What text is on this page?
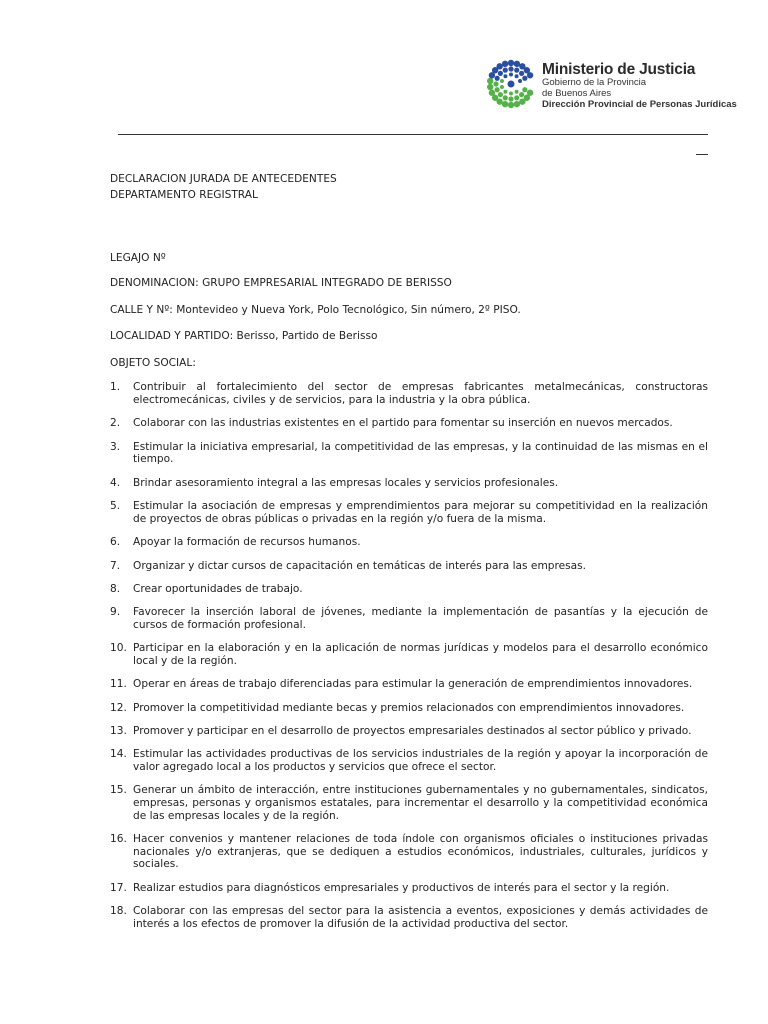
Ministerio de Justicia
Gobierno de la Provincia
de Buenos Aires
Dirección Provincial de Personas Jurídicas

DECLARACION JURADA DE ANTECEDENTES

DEPARTAMENTO REGISTRAL

LEGAJO Nº

DENOMINACION: GRUPO EMPRESARIAL INTEGRADO DE BERISSO

CALLE Y Nº: Montevideo y Nueva York, Polo Tecnológico, Sin número, 2º PISO.

LOCALIDAD Y PARTIDO: Berisso, Partido de Berisso

OBJETO SOCIAL:

1.	Contribuir al fortalecimiento del sector de empresas fabricantes metalmecánicas, constructoras electromecánicas, civiles y de servicios, para la industria y la obra pública.
2.	Colaborar con las industrias existentes en el partido para fomentar su inserción en nuevos mercados.
3.	Estimular la iniciativa empresarial, la competitividad de las empresas, y la continuidad de las mismas en el tiempo.
4.	Brindar asesoramiento integral a las empresas locales y servicios profesionales.
5.	Estimular la asociación de empresas y emprendimientos para mejorar su competitividad en la realización de proyectos de obras públicas o privadas en la región y/o fuera de la misma.
6.	Apoyar la formación de recursos humanos.
7.	Organizar y dictar cursos de capacitación en temáticas de interés para las empresas.
8.	Crear oportunidades de trabajo.
9.	Favorecer la inserción laboral de jóvenes, mediante la implementación de pasantías y la ejecución de cursos de formación profesional.
10. Participar en la elaboración y en la aplicación de normas jurídicas y modelos para el desarrollo económico local y de la región.
11. Operar en áreas de trabajo diferenciadas para estimular la generación de emprendimientos innovadores.
12. Promover la competitividad mediante becas y premios relacionados con emprendimientos innovadores.
13. Promover y participar en el desarrollo de proyectos empresariales destinados al sector público y privado.
14. Estimular las actividades productivas de los servicios industriales de la región y apoyar la incorporación de valor agregado local a los productos y servicios que ofrece el sector.
15. Generar un ámbito de interacción, entre instituciones gubernamentales y no gubernamentales, sindicatos, empresas, personas y organismos estatales, para incrementar el desarrollo y la competitividad económica de las empresas locales y de la región.
16. Hacer convenios y mantener relaciones de toda índole con organismos oficiales o instituciones privadas nacionales y/o extranjeras, que se dediquen a estudios económicos, industriales, culturales, jurídicos y sociales.
17. Realizar estudios para diagnósticos empresariales y productivos de interés para el sector y la región.
18. Colaborar con las empresas del sector para la asistencia a eventos, exposiciones y demás actividades de interés a los efectos de promover la difusión de la actividad productiva del sector.
